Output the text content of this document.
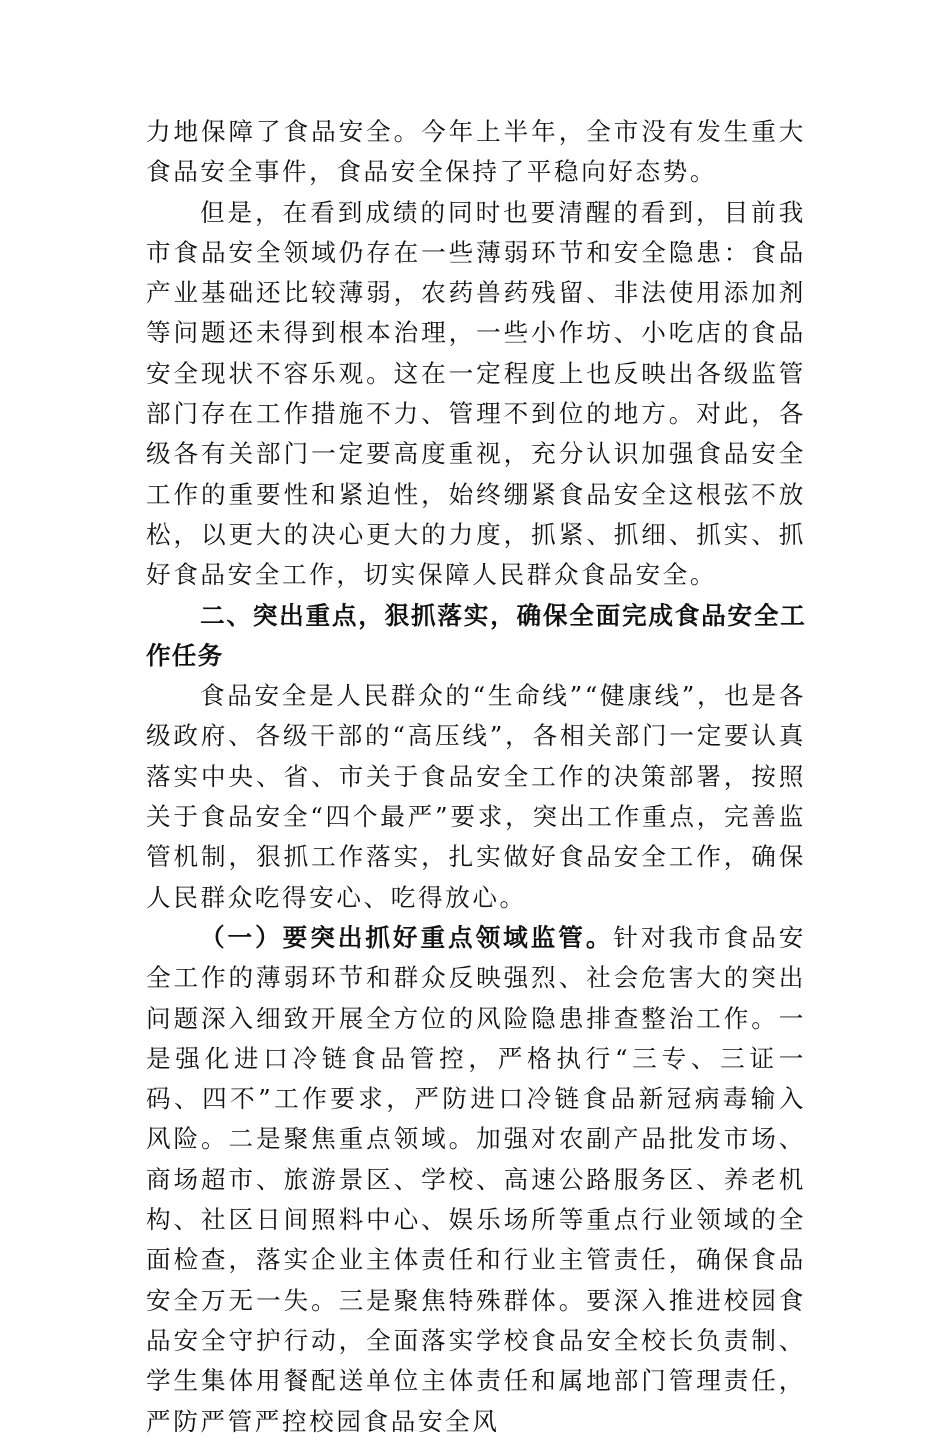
力地保障了食品安全。今年上半年，全市没有发生重大食品安全事件，食品安全保持了平稳向好态势。

但是，在看到成绩的同时也要清醒的看到，目前我市食品安全领域仍存在一些薄弱环节和安全隐患：食品产业基础还比较薄弱，农药兽药残留、非法使用添加剂等问题还未得到根本治理，一些小作坊、小吃店的食品安全现状不容乐观。这在一定程度上也反映出各级监管部门存在工作措施不力、管理不到位的地方。对此，各级各有关部门一定要高度重视，充分认识加强食品安全工作的重要性和紧迫性，始终绷紧食品安全这根弦不放松，以更大的决心更大的力度，抓紧、抓细、抓实、抓好食品安全工作，切实保障人民群众食品安全。

二、突出重点，狠抓落实，确保全面完成食品安全工作任务

食品安全是人民群众的“生命线”“健康线”，也是各级政府、各级干部的“高压线”，各相关部门一定要认真落实中央、省、市关于食品安全工作的决策部署，按照关于食品安全“四个最严”要求，突出工作重点，完善监管机制，狠抓工作落实，扎实做好食品安全工作，确保人民群众吃得安心、吃得放心。

（一）要突出抓好重点领域监管。针对我市食品安全工作的薄弱环节和群众反映强烈、社会危害大的突出问题深入细致开展全方位的风险隐患排查整治工作。一是强化进口冷链食品管控，严格执行“三专、三证一码、四不”工作要求，严防进口冷链食品新冠病毒输入风险。二是聚焦重点领域。加强对农副产品批发市场、商场超市、旅游景区、学校、高速公路服务区、养老机构、社区日间照料中心、娱乐场所等重点行业领域的全面检查，落实企业主体责任和行业主管责任，确保食品安全万无一失。三是聚焦特殊群体。要深入推进校园食品安全守护行动，全面落实学校食品安全校长负责制、学生集体用餐配送单位主体责任和属地部门管理责任，严防严管严控校园食品安全风
